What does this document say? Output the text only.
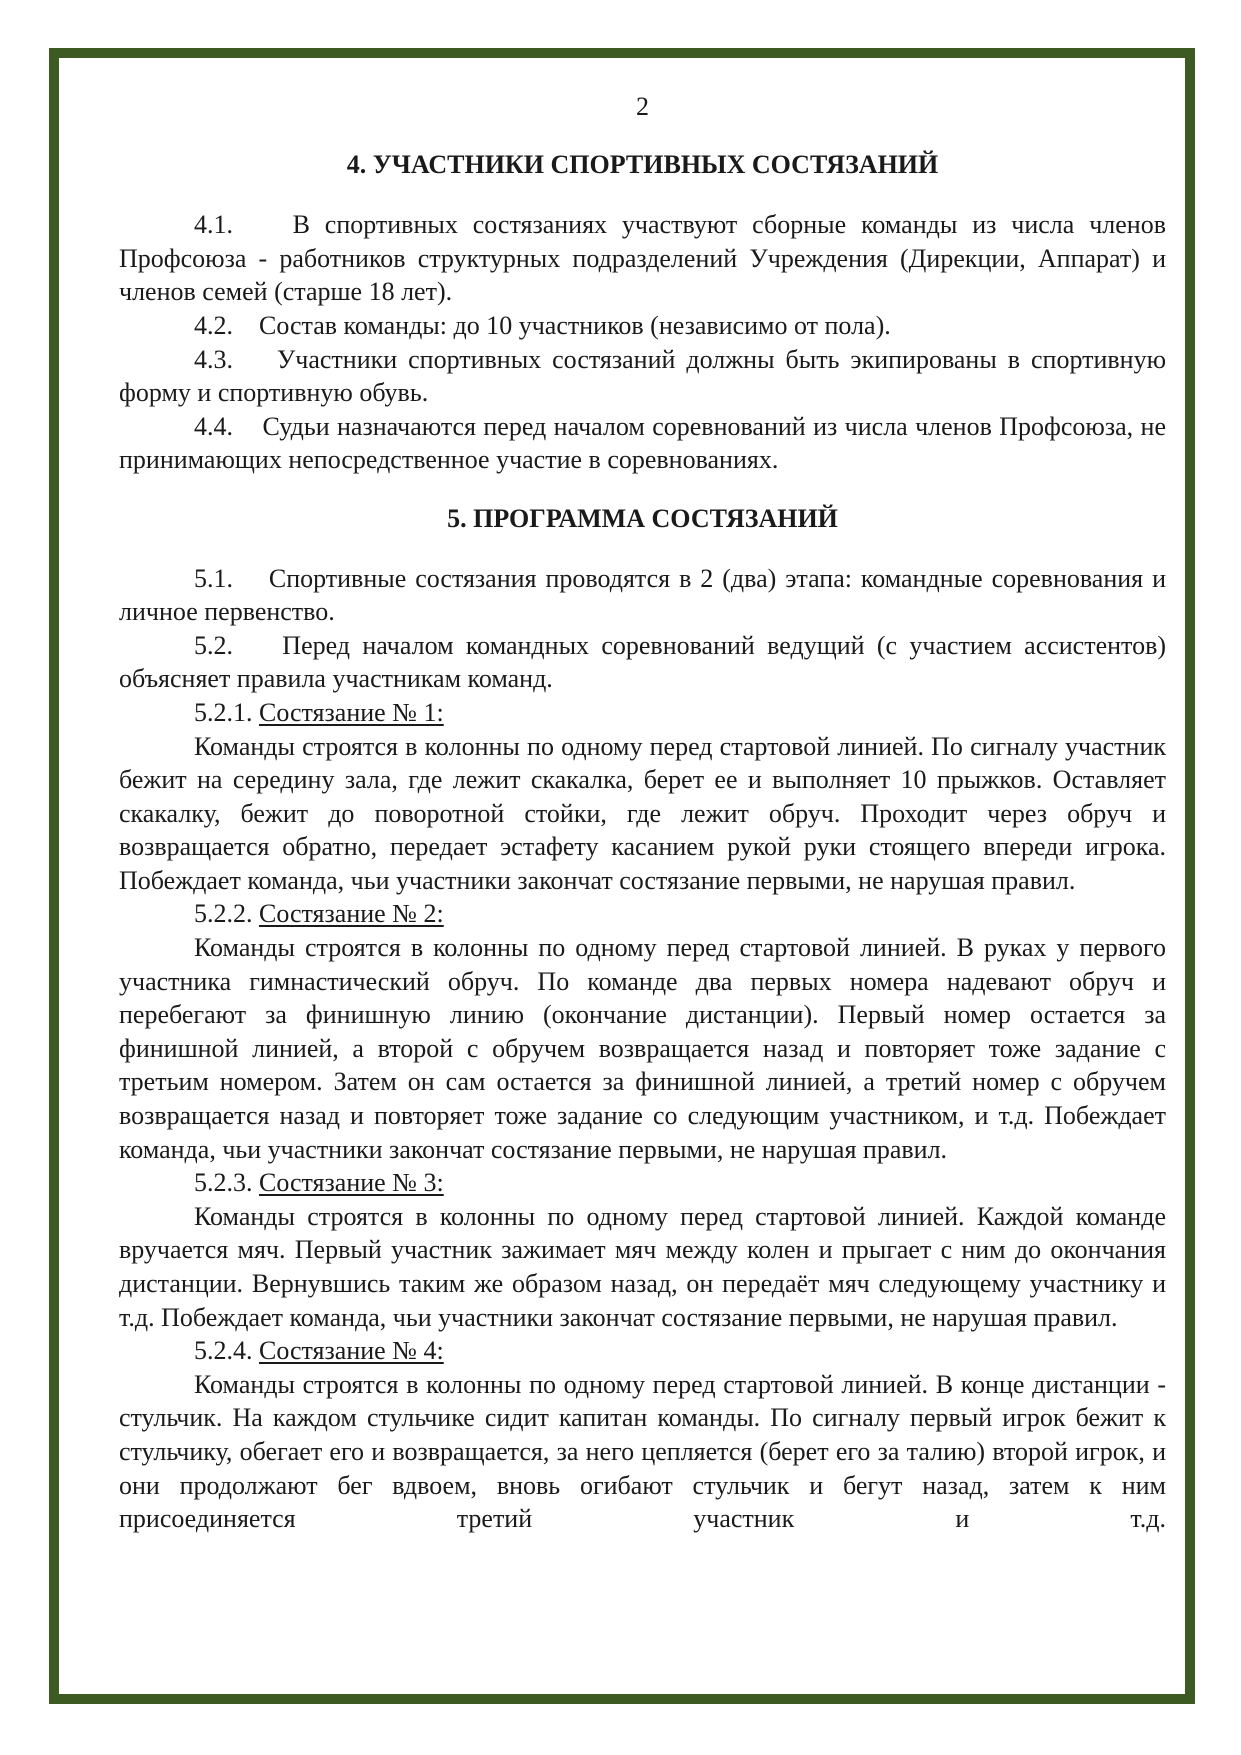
2
4. УЧАСТНИКИ СПОРТИВНЫХ СОСТЯЗАНИЙ

4.1. В спортивных состязаниях участвуют сборные команды из числа членов Профсоюза - работников структурных подразделений Учреждения (Дирекции, Аппарат) и членов семей (старше 18 лет).

4.2. Состав команды: до 10 участников (независимо от пола).

4.3. Участники спортивных состязаний должны быть экипированы в спортивную форму и спортивную обувь.

4.4. Судьи назначаются перед началом соревнований из числа членов Профсоюза, не принимающих непосредственное участие в соревнованиях.

5. ПРОГРАММА СОСТЯЗАНИЙ

5.1. Спортивные состязания проводятся в 2 (два) этапа: командные соревнования и личное первенство.

5.2. Перед началом командных соревнований ведущий (с участием ассистентов) объясняет правила участникам команд.

5.2.1. Состязание № 1:

Команды строятся в колонны по одному перед стартовой линией. По сигналу участник бежит на середину зала, где лежит скакалка, берет ее и выполняет 10 прыжков. Оставляет скакалку, бежит до поворотной стойки, где лежит обруч. Проходит через обруч и возвращается обратно, передает эстафету касанием рукой руки стоящего впереди игрока. Побеждает команда, чьи участники закончат состязание первыми, не нарушая правил.

5.2.2. Состязание № 2:

Команды строятся в колонны по одному перед стартовой линией. В руках у первого участника гимнастический обруч. По команде два первых номера надевают обруч и перебегают за финишную линию (окончание дистанции). Первый номер остается за финишной линией, а второй с обручем возвращается назад и повторяет тоже задание с третьим номером. Затем он сам остается за финишной линией, а третий номер с обручем возвращается назад и повторяет тоже задание со следующим участником, и т.д. Побеждает команда, чьи участники закончат состязание первыми, не нарушая правил.

5.2.3. Состязание № 3:

Команды строятся в колонны по одному перед стартовой линией. Каждой команде вручается мяч. Первый участник зажимает мяч между колен и прыгает с ним до окончания дистанции. Вернувшись таким же образом назад, он передаёт мяч следующему участнику и т.д. Побеждает команда, чьи участники закончат состязание первыми, не нарушая правил.

5.2.4. Состязание № 4:

Команды строятся в колонны по одному перед стартовой линией. В конце дистанции - стульчик. На каждом стульчике сидит капитан команды. По сигналу первый игрок бежит к стульчику, обегает его и возвращается, за него цепляется (берет его за талию) второй игрок, и они продолжают бег вдвоем, вновь огибают стульчик и бегут назад, затем к ним присоединяется третий участник и т.д.
